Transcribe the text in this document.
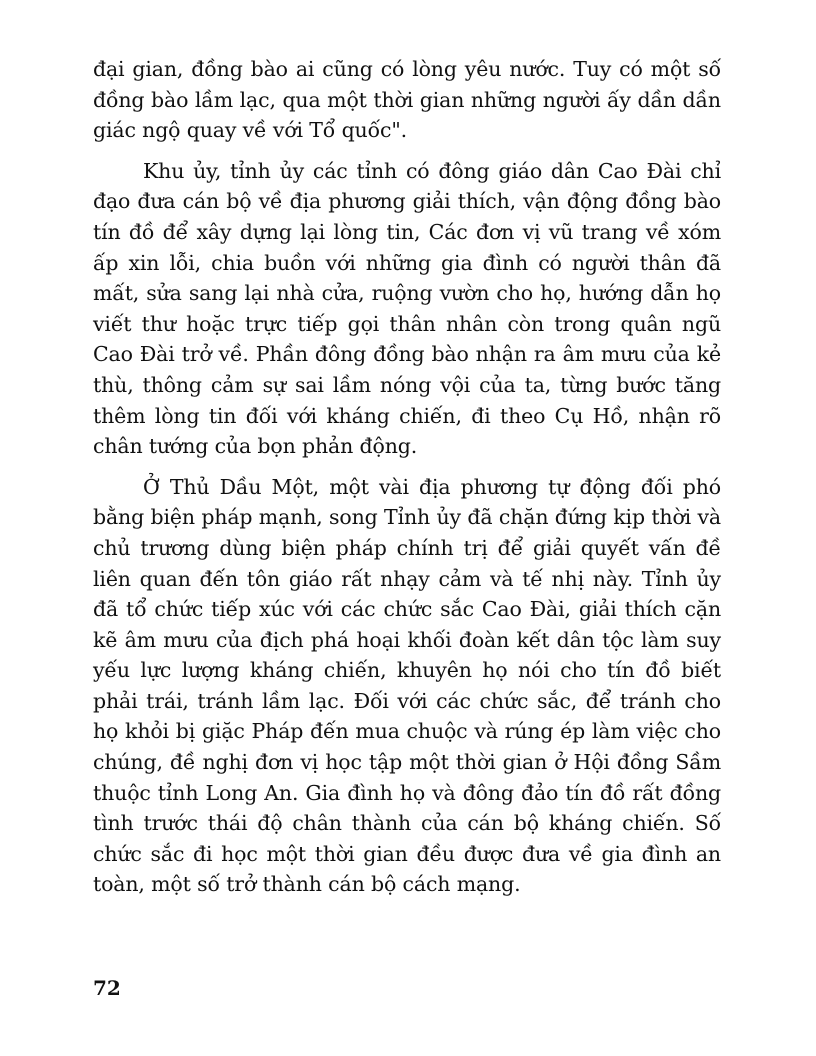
đại gian, đồng bào ai cũng có lòng yêu nước. Tuy có một số đồng bào lầm lạc, qua một thời gian những người ấy dần dần giác ngộ quay về với Tổ quốc".

Khu ủy, tỉnh ủy các tỉnh có đông giáo dân Cao Đài chỉ đạo đưa cán bộ về địa phương giải thích, vận động đồng bào tín đồ để xây dựng lại lòng tin, Các đơn vị vũ trang về xóm ấp xin lỗi, chia buồn với những gia đình có người thân đã mất, sửa sang lại nhà cửa, ruộng vườn cho họ, hướng dẫn họ viết thư hoặc trực tiếp gọi thân nhân còn trong quân ngũ Cao Đài trở về. Phần đông đồng bào nhận ra âm mưu của kẻ thù, thông cảm sự sai lầm nóng vội của ta, từng bước tăng thêm lòng tin đối với kháng chiến, đi theo Cụ Hồ, nhận rõ chân tướng của bọn phản động.

Ở Thủ Dầu Một, một vài địa phương tự động đối phó bằng biện pháp mạnh, song Tỉnh ủy đã chặn đứng kịp thời và chủ trương dùng biện pháp chính trị để giải quyết vấn đề liên quan đến tôn giáo rất nhạy cảm và tế nhị này. Tỉnh ủy đã tổ chức tiếp xúc với các chức sắc Cao Đài, giải thích cặn kẽ âm mưu của địch phá hoại khối đoàn kết dân tộc làm suy yếu lực lượng kháng chiến, khuyên họ nói cho tín đồ biết phải trái, tránh lầm lạc. Đối với các chức sắc, để tránh cho họ khỏi bị giặc Pháp đến mua chuộc và rúng ép làm việc cho chúng, đề nghị đơn vị học tập một thời gian ở Hội đồng Sầm thuộc tỉnh Long An. Gia đình họ và đông đảo tín đồ rất đồng tình trước thái độ chân thành của cán bộ kháng chiến. Số chức sắc đi học một thời gian đều được đưa về gia đình an toàn, một số trở thành cán bộ cách mạng.

72
